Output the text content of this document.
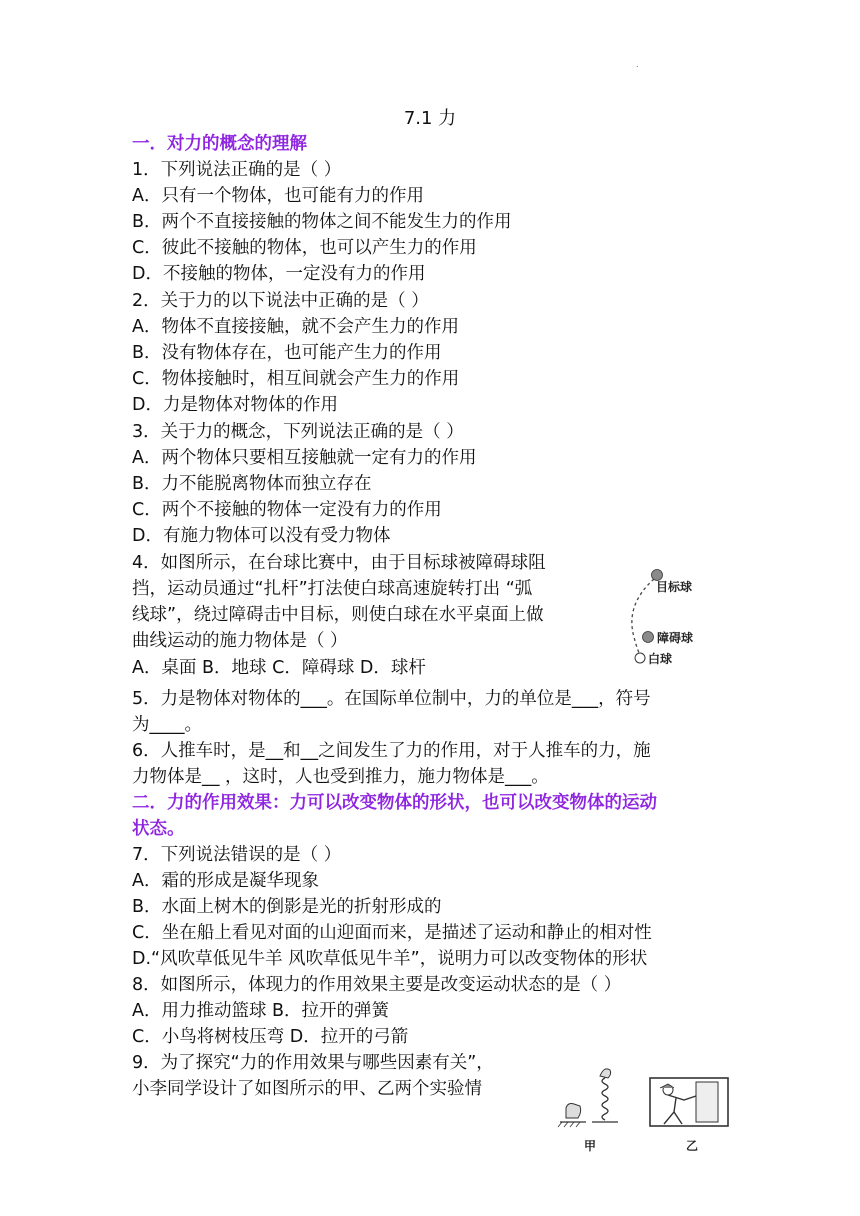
.
7.1 力
一．对力的概念的理解
1．下列说法正确的是（ ）
A．只有一个物体，也可能有力的作用
B．两个不直接接触的物体之间不能发生力的作用
C．彼此不接触的物体，也可以产生力的作用
D．不接触的物体，一定没有力的作用
2．关于力的以下说法中正确的是（ ）
A．物体不直接接触，就不会产生力的作用
B．没有物体存在，也可能产生力的作用
C．物体接触时，相互间就会产生力的作用
D．力是物体对物体的作用
3．关于力的概念，下列说法正确的是（ ）
A．两个物体只要相互接触就一定有力的作用
B．力不能脱离物体而独立存在
C．两个不接触的物体一定没有力的作用
D．有施力物体可以没有受力物体
4．如图所示，在台球比赛中，由于目标球被障碍球阻
挡，运动员通过“扎杆”打法使白球高速旋转打出 “弧
线球”，绕过障碍击中目标，则使白球在水平桌面上做
曲线运动的施力物体是（ ）
A．桌面 B．地球 C．障碍球 D．球杆
目标球
障碍球
白球
5．力是物体对物体的___。在国际单位制中，力的单位是___，符号
为____。
6．人推车时，是__和__之间发生了力的作用，对于人推车的力，施
力物体是__ ，这时，人也受到推力，施力物体是___。
二．力的作用效果：力可以改变物体的形状，也可以改变物体的运动
状态。
7．下列说法错误的是（ ）
A．霜的形成是凝华现象
B．水面上树木的倒影是光的折射形成的
C．坐在船上看见对面的山迎面而来，是描述了运动和静止的相对性
D.“风吹草低见牛羊 风吹草低见牛羊”，说明力可以改变物体的形状
8．如图所示，体现力的作用效果主要是改变运动状态的是（ ）
A．用力推动篮球 B．拉开的弹簧
C．小鸟将树枝压弯 D．拉开的弓箭
9．为了探究“力的作用效果与哪些因素有关”，
小李同学设计了如图所示的甲、乙两个实验情
甲	乙
